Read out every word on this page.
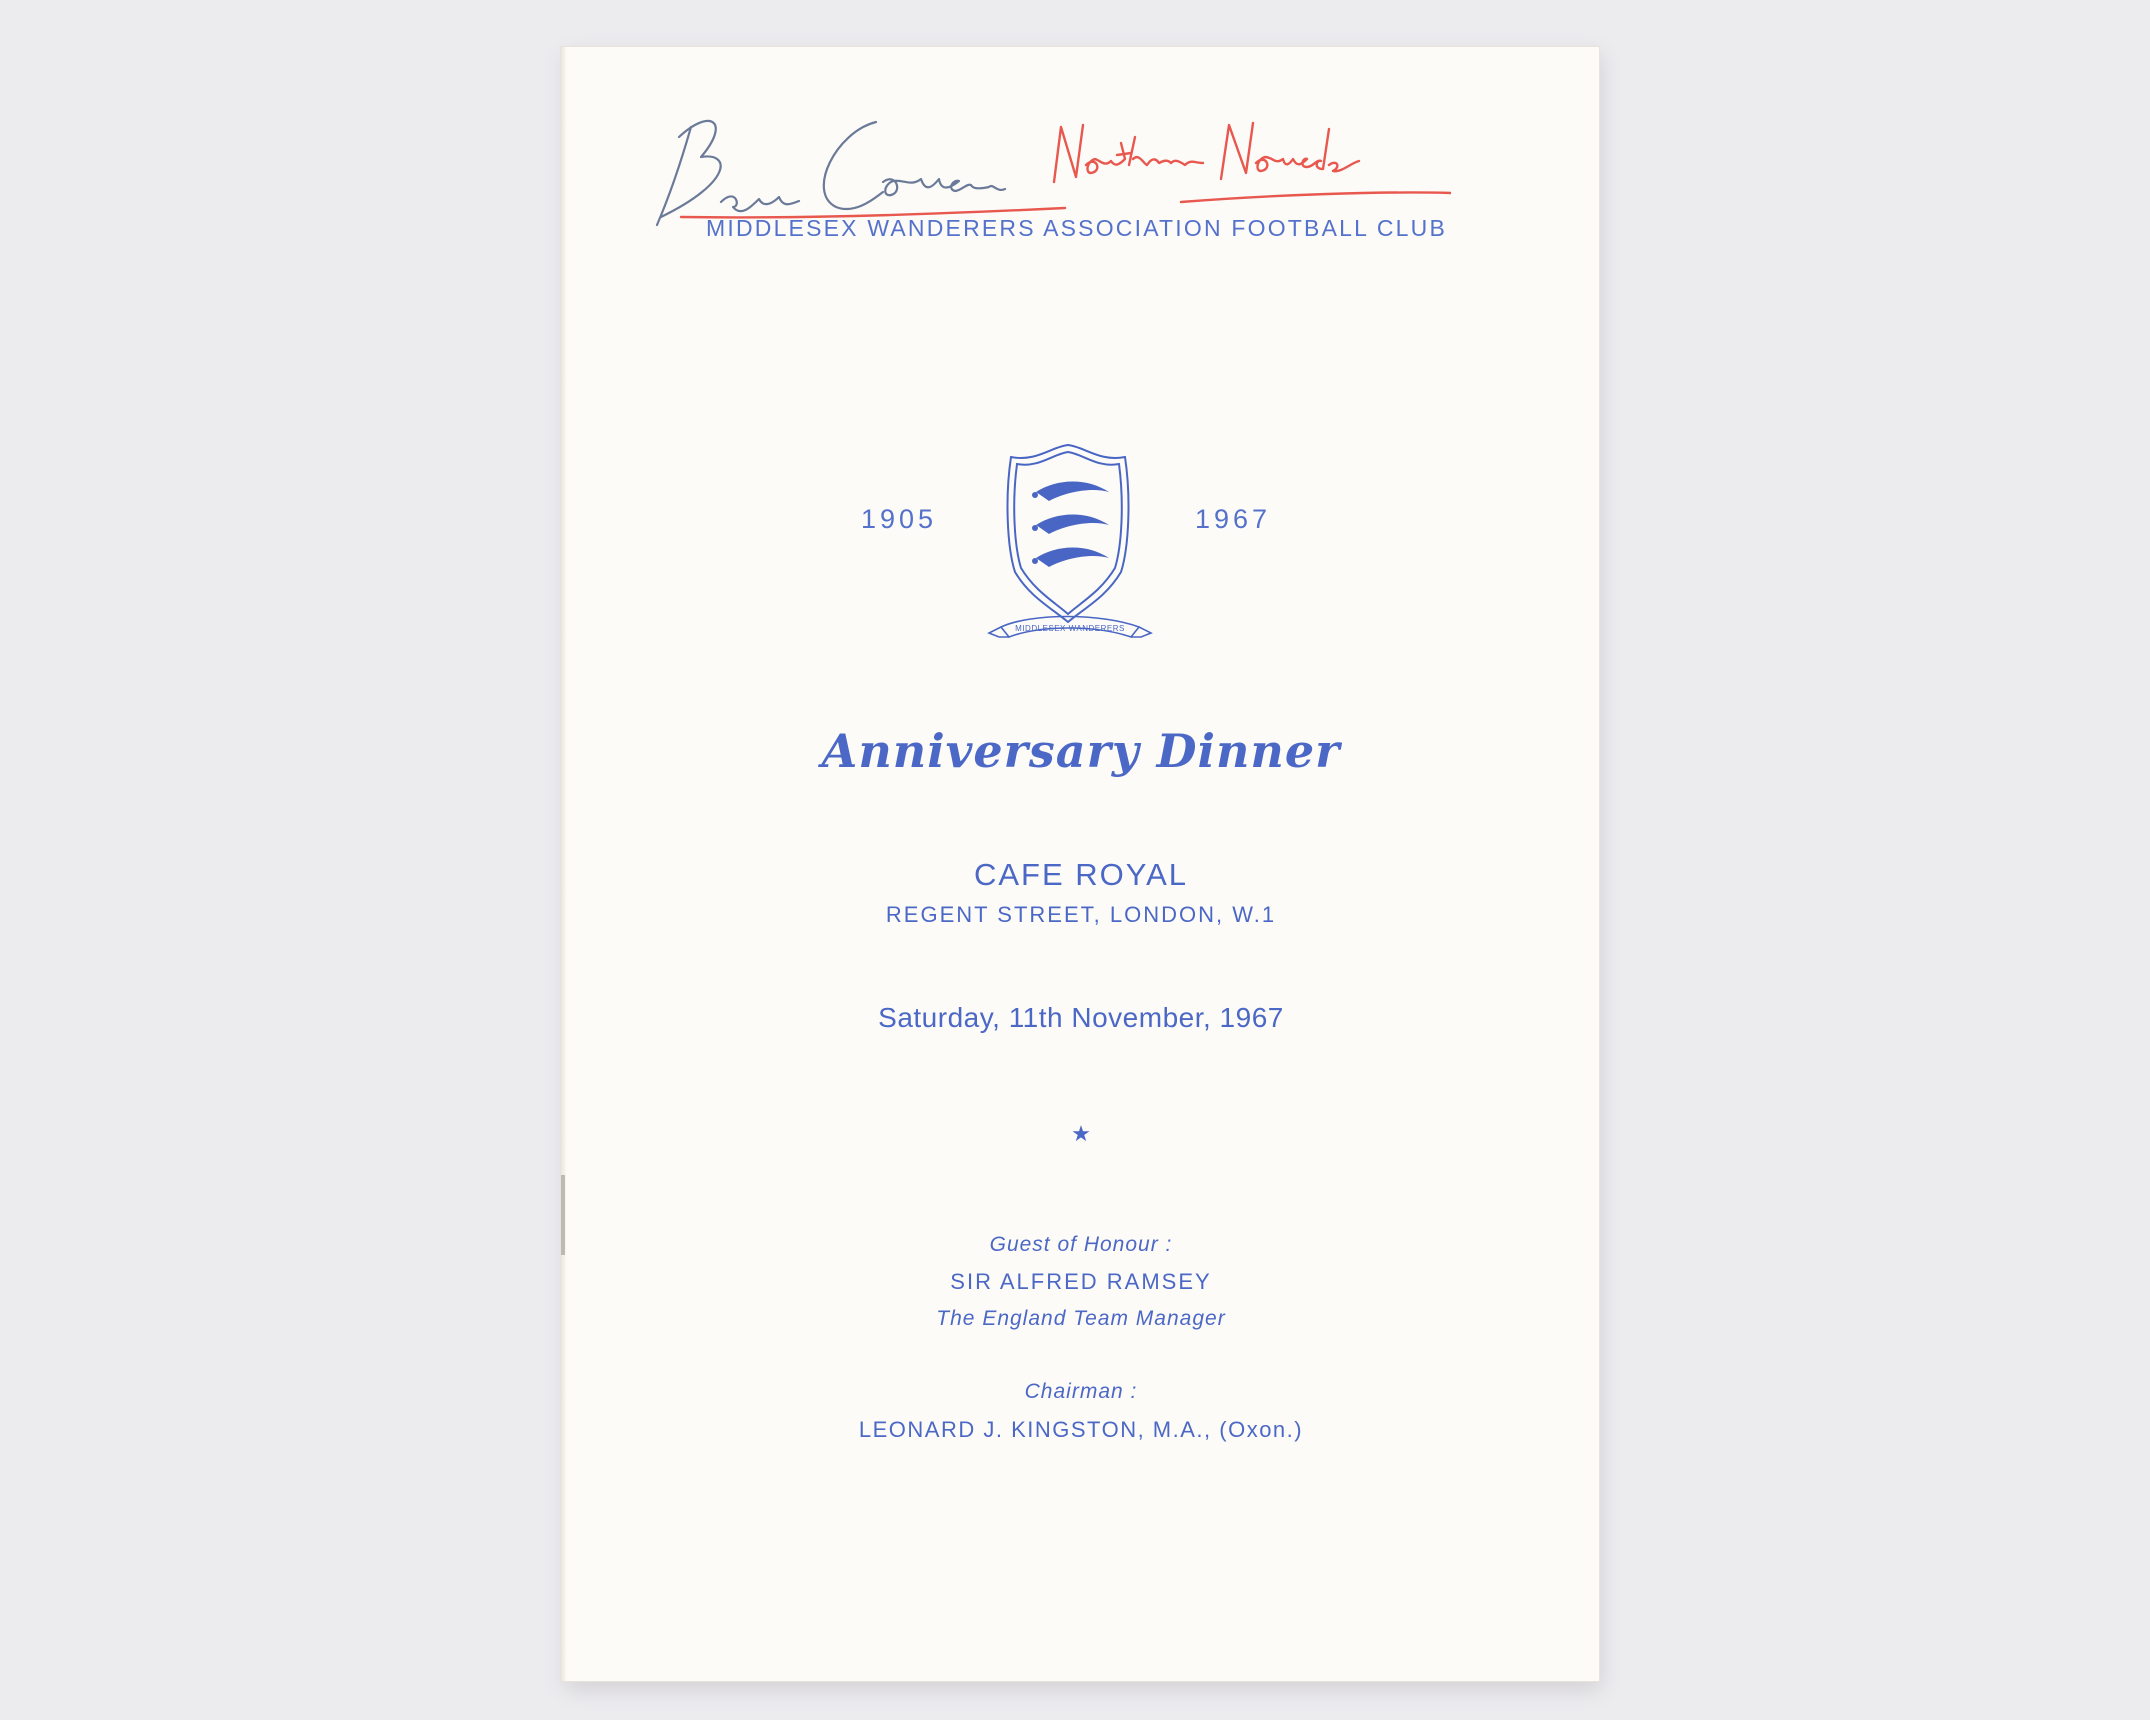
MIDDLESEX WANDERERS ASSOCIATION FOOTBALL CLUB
1905
MIDDLESEX WANDERERS
1967
Anniversary Dinner
CAFE ROYAL
REGENT STREET, LONDON, W.1
Saturday, 11th November, 1967
★
Guest of Honour :
SIR ALFRED RAMSEY
The England Team Manager
Chairman :
LEONARD J. KINGSTON, M.A., (Oxon.)
